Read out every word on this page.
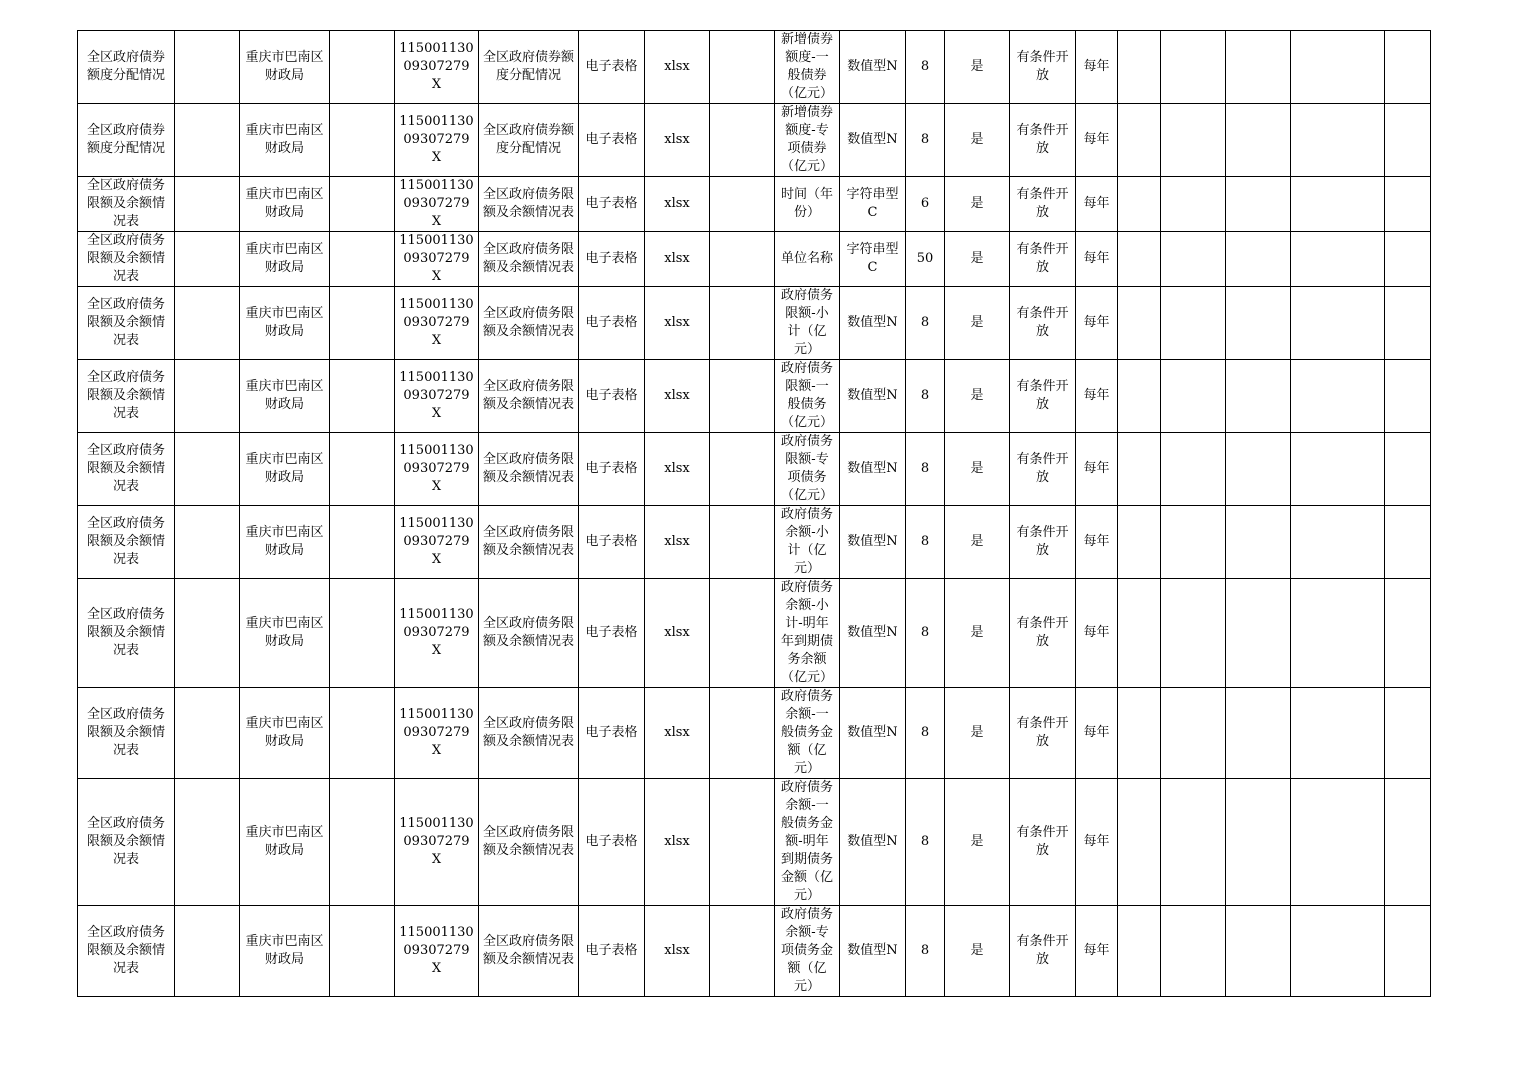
全区政府债券额度分配情况		重庆市巴南区财政局		11500113009307279X	全区政府债券额度分配情况	电子表格	xlsx		新增债券额度-一般债券（亿元）	数值型N	8	是	有条件开放	每年					
全区政府债券额度分配情况		重庆市巴南区财政局		11500113009307279X	全区政府债券额度分配情况	电子表格	xlsx		新增债券额度-专项债券（亿元）	数值型N	8	是	有条件开放	每年					
全区政府债务限额及余额情况表		重庆市巴南区财政局		11500113009307279X	全区政府债务限额及余额情况表	电子表格	xlsx		时间（年份）	字符串型C	6	是	有条件开放	每年					
全区政府债务限额及余额情况表		重庆市巴南区财政局		11500113009307279X	全区政府债务限额及余额情况表	电子表格	xlsx		单位名称	字符串型C	50	是	有条件开放	每年					
全区政府债务限额及余额情况表		重庆市巴南区财政局		11500113009307279X	全区政府债务限额及余额情况表	电子表格	xlsx		政府债务限额-小计（亿元）	数值型N	8	是	有条件开放	每年					
全区政府债务限额及余额情况表		重庆市巴南区财政局		11500113009307279X	全区政府债务限额及余额情况表	电子表格	xlsx		政府债务限额-一般债务（亿元）	数值型N	8	是	有条件开放	每年					
全区政府债务限额及余额情况表		重庆市巴南区财政局		11500113009307279X	全区政府债务限额及余额情况表	电子表格	xlsx		政府债务限额-专项债务（亿元）	数值型N	8	是	有条件开放	每年					
全区政府债务限额及余额情况表		重庆市巴南区财政局		11500113009307279X	全区政府债务限额及余额情况表	电子表格	xlsx		政府债务余额-小计（亿元）	数值型N	8	是	有条件开放	每年					
全区政府债务限额及余额情况表		重庆市巴南区财政局		11500113009307279X	全区政府债务限额及余额情况表	电子表格	xlsx		政府债务余额-小计-明年年到期债务余额（亿元）	数值型N	8	是	有条件开放	每年					
全区政府债务限额及余额情况表		重庆市巴南区财政局		11500113009307279X	全区政府债务限额及余额情况表	电子表格	xlsx		政府债务余额-一般债务金额（亿元）	数值型N	8	是	有条件开放	每年					
全区政府债务限额及余额情况表		重庆市巴南区财政局		11500113009307279X	全区政府债务限额及余额情况表	电子表格	xlsx		政府债务余额-一般债务金额-明年到期债务金额（亿元）	数值型N	8	是	有条件开放	每年					
全区政府债务限额及余额情况表		重庆市巴南区财政局		11500113009307279X	全区政府债务限额及余额情况表	电子表格	xlsx		政府债务余额-专项债务金额（亿元）	数值型N	8	是	有条件开放	每年					
